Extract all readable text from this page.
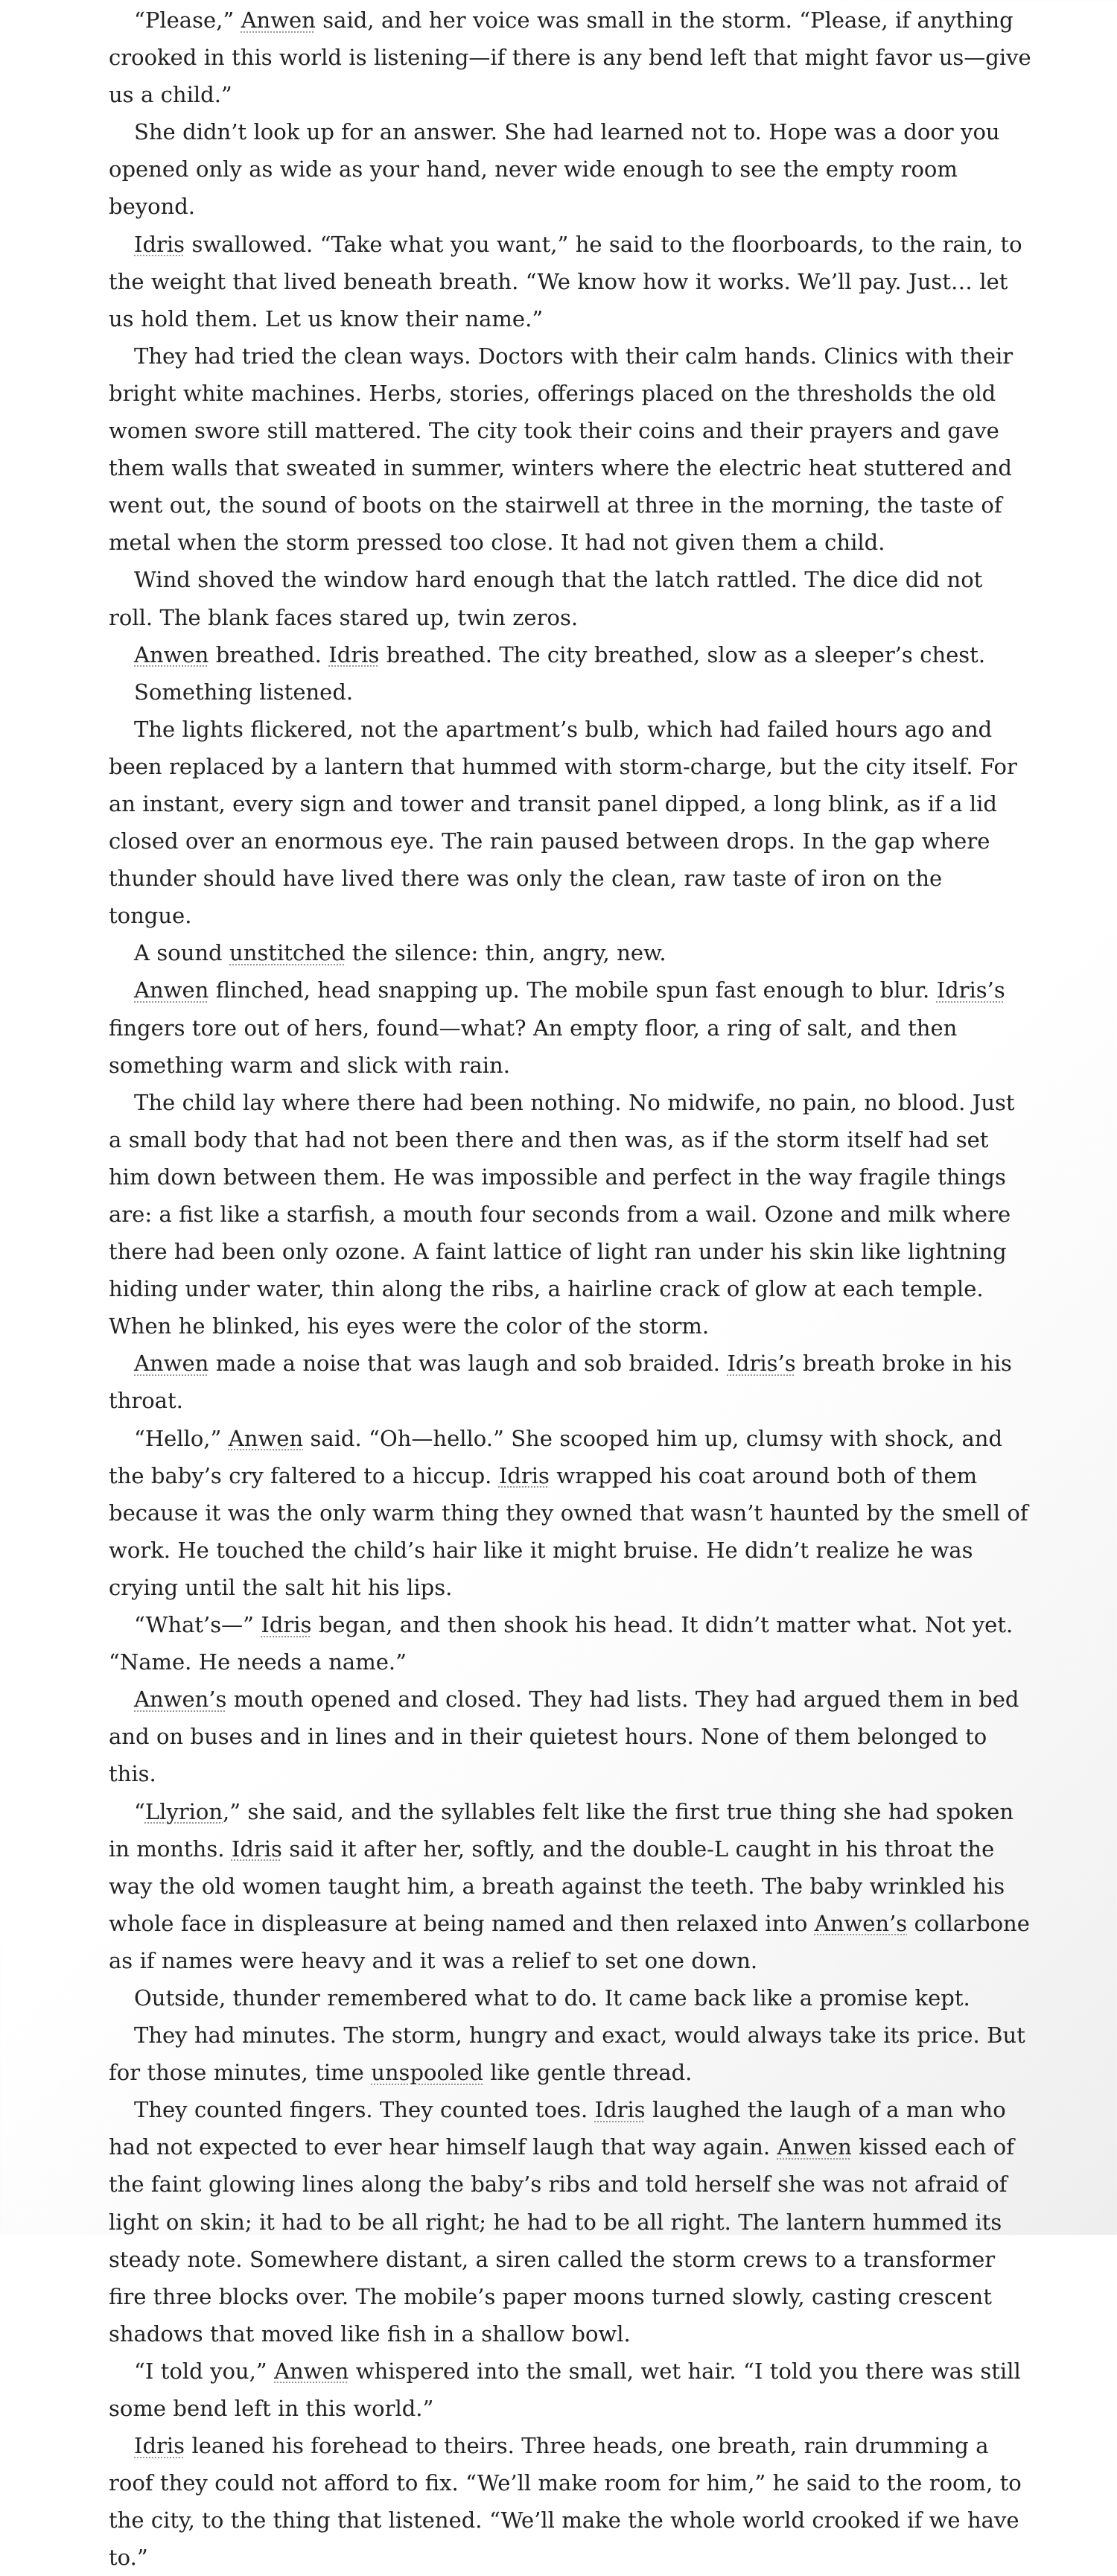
“Please,” Anwen said, and her voice was small in the storm. “Please, if anything crooked in this world is listening—if there is any bend left that might favor us—give us a child.”

She didn’t look up for an answer. She had learned not to. Hope was a door you opened only as wide as your hand, never wide enough to see the empty room beyond.

Idris swallowed. “Take what you want,” he said to the floorboards, to the rain, to the weight that lived beneath breath. “We know how it works. We’ll pay. Just… let us hold them. Let us know their name.”

They had tried the clean ways. Doctors with their calm hands. Clinics with their bright white machines. Herbs, stories, offerings placed on the thresholds the old women swore still mattered. The city took their coins and their prayers and gave them walls that sweated in summer, winters where the electric heat stuttered and went out, the sound of boots on the stairwell at three in the morning, the taste of metal when the storm pressed too close. It had not given them a child.

Wind shoved the window hard enough that the latch rattled. The dice did not roll. The blank faces stared up, twin zeros.

Anwen breathed. Idris breathed. The city breathed, slow as a sleeper’s chest.

Something listened.

The lights flickered, not the apartment’s bulb, which had failed hours ago and been replaced by a lantern that hummed with storm-charge, but the city itself. For an instant, every sign and tower and transit panel dipped, a long blink, as if a lid closed over an enormous eye. The rain paused between drops. In the gap where thunder should have lived there was only the clean, raw taste of iron on the tongue.

A sound unstitched the silence: thin, angry, new.

Anwen flinched, head snapping up. The mobile spun fast enough to blur. Idris’s fingers tore out of hers, found—what? An empty floor, a ring of salt, and then something warm and slick with rain.

The child lay where there had been nothing. No midwife, no pain, no blood. Just a small body that had not been there and then was, as if the storm itself had set him down between them. He was impossible and perfect in the way fragile things are: a fist like a starfish, a mouth four seconds from a wail. Ozone and milk where there had been only ozone. A faint lattice of light ran under his skin like lightning hiding under water, thin along the ribs, a hairline crack of glow at each temple. When he blinked, his eyes were the color of the storm.

Anwen made a noise that was laugh and sob braided. Idris’s breath broke in his throat.

“Hello,” Anwen said. “Oh—hello.” She scooped him up, clumsy with shock, and the baby’s cry faltered to a hiccup. Idris wrapped his coat around both of them because it was the only warm thing they owned that wasn’t haunted by the smell of work. He touched the child’s hair like it might bruise. He didn’t realize he was crying until the salt hit his lips.

“What’s—” Idris began, and then shook his head. It didn’t matter what. Not yet. “Name. He needs a name.”

Anwen’s mouth opened and closed. They had lists. They had argued them in bed and on buses and in lines and in their quietest hours. None of them belonged to this.

“Llyrion,” she said, and the syllables felt like the first true thing she had spoken in months. Idris said it after her, softly, and the double-L caught in his throat the way the old women taught him, a breath against the teeth. The baby wrinkled his whole face in displeasure at being named and then relaxed into Anwen’s collarbone as if names were heavy and it was a relief to set one down.

Outside, thunder remembered what to do. It came back like a promise kept.

They had minutes. The storm, hungry and exact, would always take its price. But for those minutes, time unspooled like gentle thread.

They counted fingers. They counted toes. Idris laughed the laugh of a man who had not expected to ever hear himself laugh that way again. Anwen kissed each of the faint glowing lines along the baby’s ribs and told herself she was not afraid of light on skin; it had to be all right; he had to be all right. The lantern hummed its steady note. Somewhere distant, a siren called the storm crews to a transformer fire three blocks over. The mobile’s paper moons turned slowly, casting crescent shadows that moved like fish in a shallow bowl.

“I told you,” Anwen whispered into the small, wet hair. “I told you there was still some bend left in this world.”

Idris leaned his forehead to theirs. Three heads, one breath, rain drumming a roof they could not afford to fix. “We’ll make room for him,” he said to the room, to the city, to the thing that listened. “We’ll make the whole world crooked if we have to.”
